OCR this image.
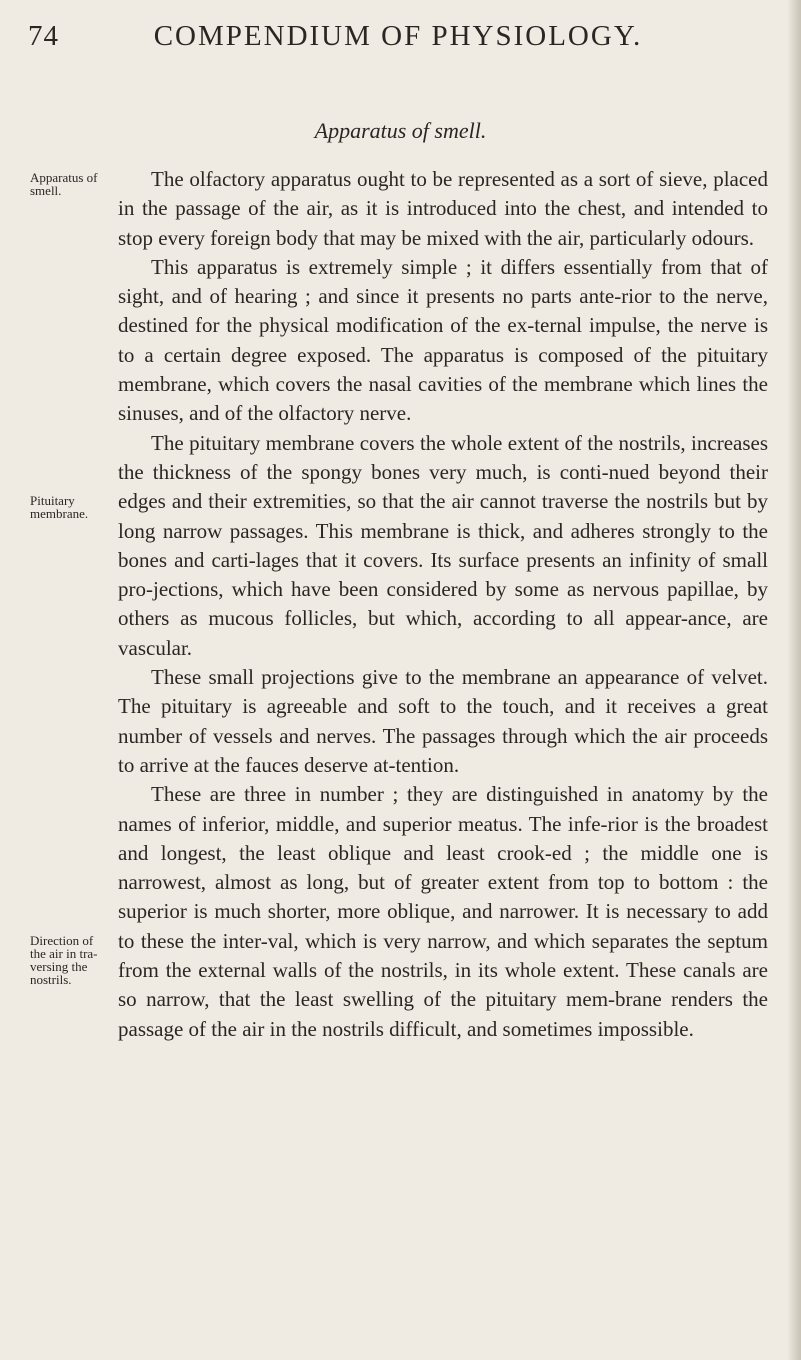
74	COMPENDIUM OF PHYSIOLOGY.
Apparatus of smell.
Apparatus of smell.
Pituitary membrane.
Direction of the air in tra-versing the nostrils.

The olfactory apparatus ought to be represented as a sort of sieve, placed in the passage of the air, as it is introduced into the chest, and intended to stop every foreign body that may be mixed with the air, particularly odours.

This apparatus is extremely simple ; it differs essentially from that of sight, and of hearing ; and since it presents no parts ante-rior to the nerve, destined for the physical modification of the ex-ternal impulse, the nerve is to a certain degree exposed. The apparatus is composed of the pituitary membrane, which covers the nasal cavities of the membrane which lines the sinuses, and of the olfactory nerve.

The pituitary membrane covers the whole extent of the nostrils, increases the thickness of the spongy bones very much, is conti-nued beyond their edges and their extremities, so that the air cannot traverse the nostrils but by long narrow passages. This membrane is thick, and adheres strongly to the bones and carti-lages that it covers. Its surface presents an infinity of small pro-jections, which have been considered by some as nervous papillae, by others as mucous follicles, but which, according to all appear-ance, are vascular.

These small projections give to the membrane an appearance of velvet. The pituitary is agreeable and soft to the touch, and it receives a great number of vessels and nerves. The passages through which the air proceeds to arrive at the fauces deserve at-tention.

These are three in number ; they are distinguished in anatomy by the names of inferior, middle, and superior meatus. The infe-rior is the broadest and longest, the least oblique and least crook-ed ; the middle one is narrowest, almost as long, but of greater extent from top to bottom : the superior is much shorter, more oblique, and narrower. It is necessary to add to these the inter-val, which is very narrow, and which separates the septum from the external walls of the nostrils, in its whole extent. These canals are so narrow, that the least swelling of the pituitary mem-brane renders the passage of the air in the nostrils difficult, and sometimes impossible.
